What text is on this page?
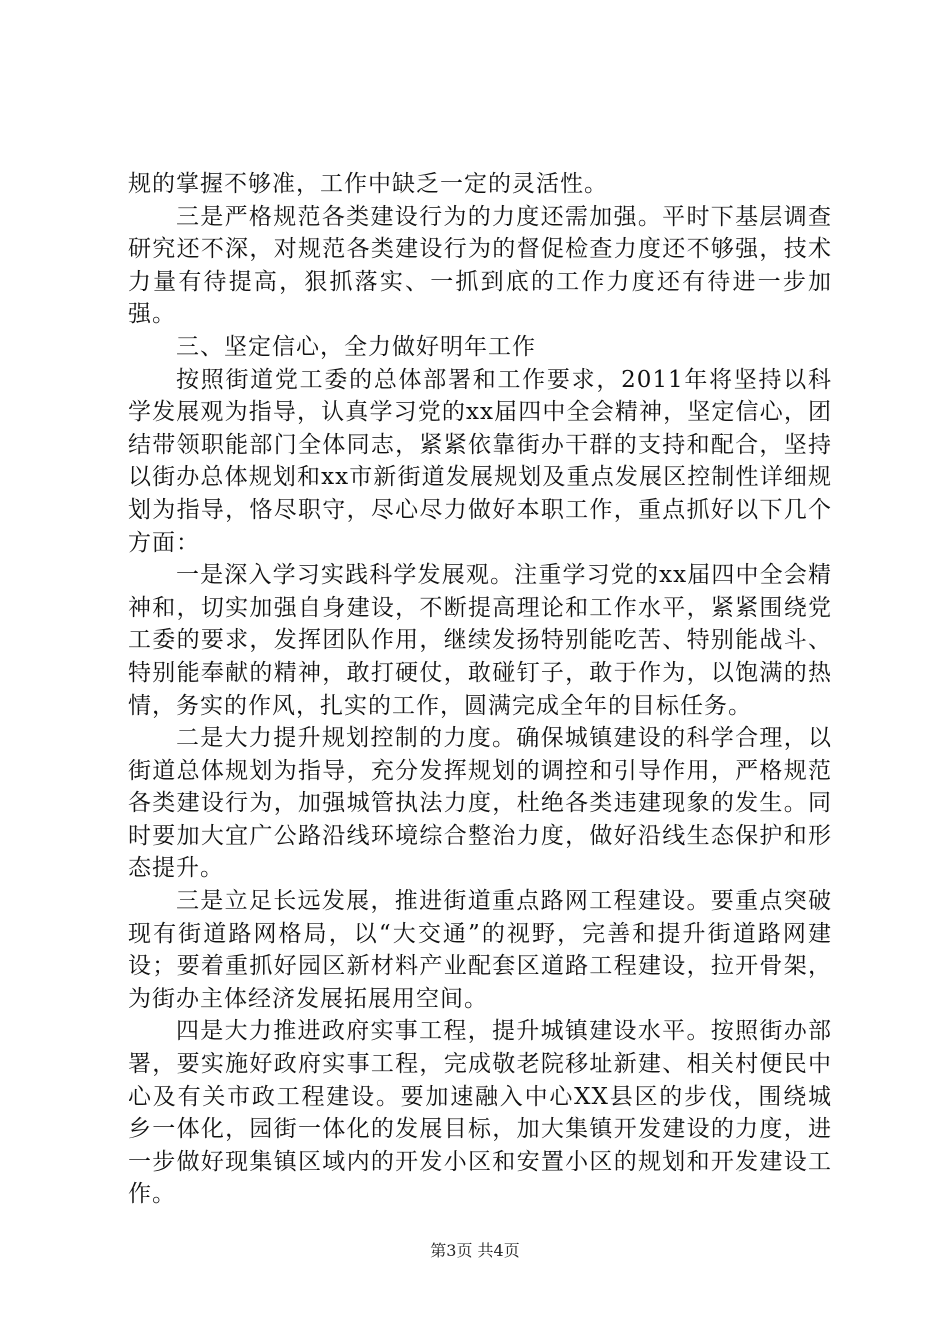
规的掌握不够准，工作中缺乏一定的灵活性。

三是严格规范各类建设行为的力度还需加强。平时下基层调查研究还不深，对规范各类建设行为的督促检查力度还不够强，技术力量有待提高，狠抓落实、一抓到底的工作力度还有待进一步加强。

三、坚定信心，全力做好明年工作

按照街道党工委的总体部署和工作要求，2011年将坚持以科学发展观为指导，认真学习党的xx届四中全会精神，坚定信心，团结带领职能部门全体同志，紧紧依靠街办干群的支持和配合，坚持以街办总体规划和xx市新街道发展规划及重点发展区控制性详细规划为指导，恪尽职守，尽心尽力做好本职工作，重点抓好以下几个方面：

一是深入学习实践科学发展观。注重学习党的xx届四中全会精神和，切实加强自身建设，不断提高理论和工作水平，紧紧围绕党工委的要求，发挥团队作用，继续发扬特别能吃苦、特别能战斗、特别能奉献的精神，敢打硬仗，敢碰钉子，敢于作为，以饱满的热情，务实的作风，扎实的工作，圆满完成全年的目标任务。

二是大力提升规划控制的力度。确保城镇建设的科学合理，以街道总体规划为指导，充分发挥规划的调控和引导作用，严格规范各类建设行为，加强城管执法力度，杜绝各类违建现象的发生。同时要加大宜广公路沿线环境综合整治力度，做好沿线生态保护和形态提升。

三是立足长远发展，推进街道重点路网工程建设。要重点突破现有街道路网格局，以“大交通”的视野，完善和提升街道路网建设；要着重抓好园区新材料产业配套区道路工程建设，拉开骨架，为街办主体经济发展拓展用空间。

四是大力推进政府实事工程，提升城镇建设水平。按照街办部署，要实施好政府实事工程，完成敬老院移址新建、相关村便民中心及有关市政工程建设。要加速融入中心XX县区的步伐，围绕城乡一体化，园街一体化的发展目标，加大集镇开发建设的力度，进一步做好现集镇区域内的开发小区和安置小区的规划和开发建设工作。

第3页 共4页
